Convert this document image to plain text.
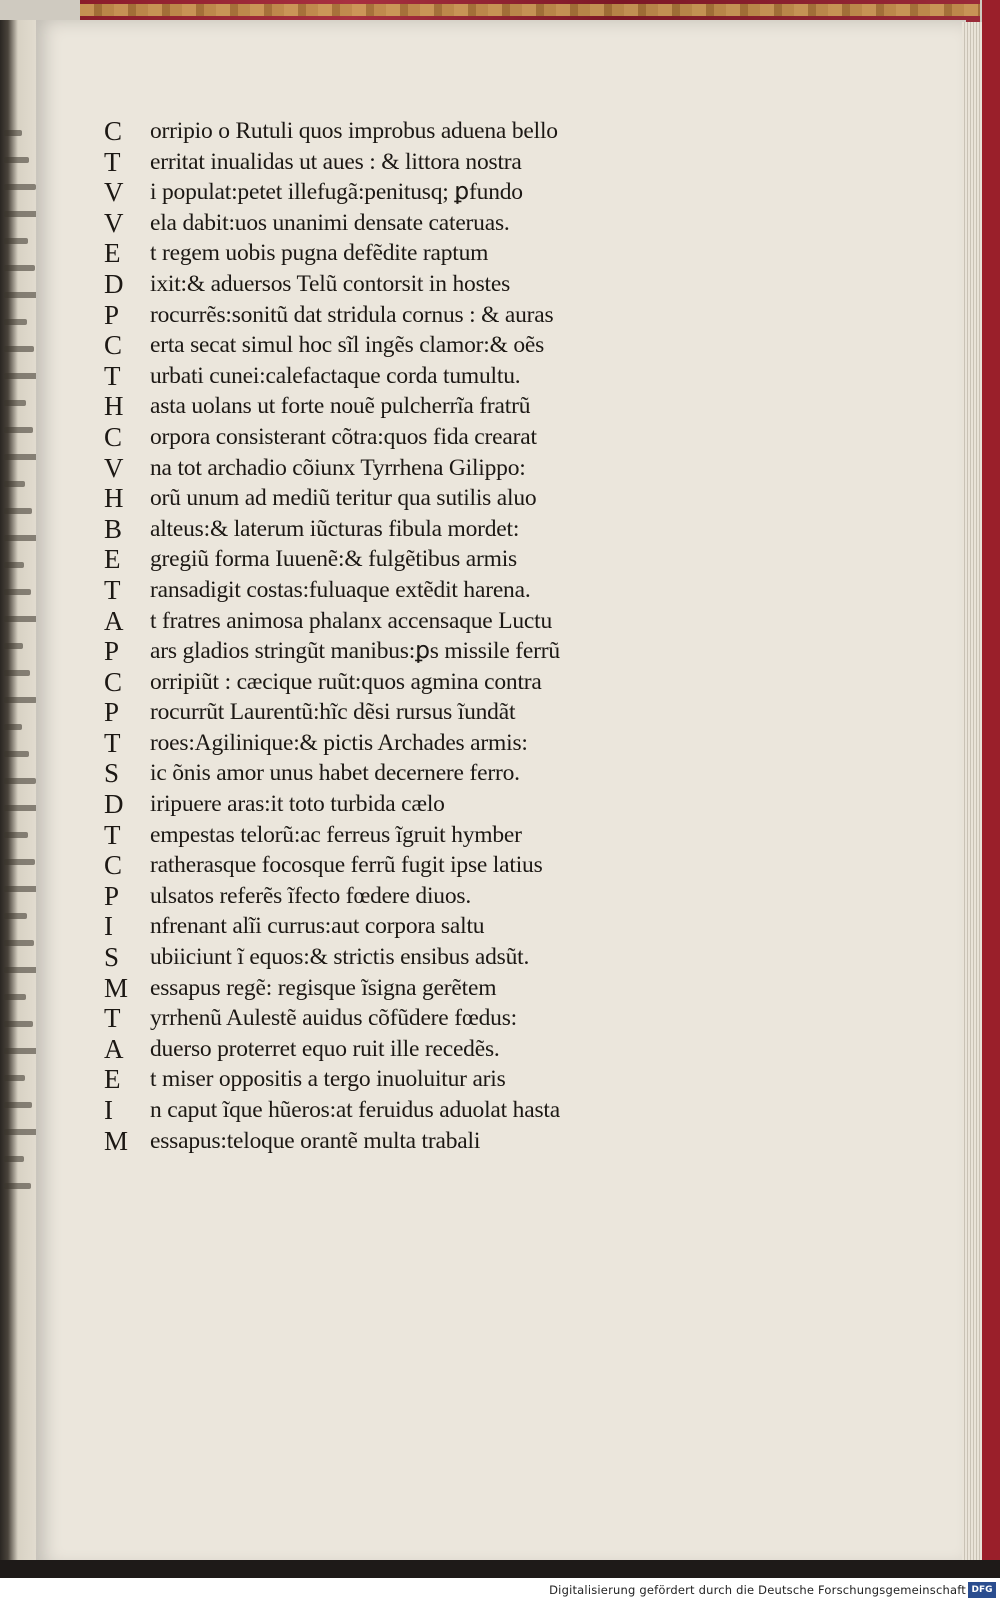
C	orripio o Rutuli quos improbus aduena bello
T	erritat inualidas ut aues : & littora nostra
V	i populat:petet illefugã:penitusq; ꝑfundo
V	ela dabit:uos unanimi densate cateruas.
E	t regem uobis pugna defẽdite raptum
D	ixit:& aduersos Telũ contorsit in hostes
P	rocurrẽs:sonitũ dat stridula cornus : & auras
C	erta secat simul hoc sĩl ingẽs clamor:& oẽs
T	urbati cunei:calefactaque corda tumultu.
H	asta uolans ut forte nouẽ pulcherrĩa fratrũ
C	orpora consisterant cõtra:quos fida crearat
V	na tot archadio cõiunx Tyrrhena Gilippo:
H	orũ unum ad mediũ teritur qua sutilis aluo
B	alteus:& laterum iũcturas fibula mordet:
E	gregiũ forma Iuuenẽ:& fulgẽtibus armis
T	ransadigit costas:fuluaque extẽdit harena.
A	t fratres animosa phalanx accensaque Luctu
P	ars gladios stringũt manibus:ꝑs missile ferrũ
C	orripiũt : cæcique ruũt:quos agmina contra
P	rocurrũt Laurentũ:hĩc dẽsi rursus ĩundãt
T	roes:Agilinique:& pictis Archades armis:
S	ic õnis amor unus habet decernere ferro.
D	iripuere aras:it toto turbida cælo
T	empestas telorũ:ac ferreus ĩgruit hymber
C	ratherasque focosque ferrũ fugit ipse latius
P	ulsatos referẽs ĩfecto fœdere diuos.
I	nfrenant alĩi currus:aut corpora saltu
S	ubiiciunt ĩ equos:& strictis ensibus adsũt.
M essapus regẽ: regisque ĩsigna gerẽtem
T	yrrhenũ Aulestẽ auidus cõfũdere fœdus:
A	duerso proterret equo ruit ille recedẽs.
E	t miser oppositis a tergo inuoluitur aris
I	n caput ĩque hũeros:at feruidus aduolat hasta
M essapus:teloque orantẽ multa trabali
Digitalisierung gefördert durch die Deutsche Forschungsgemeinschaft DFG
